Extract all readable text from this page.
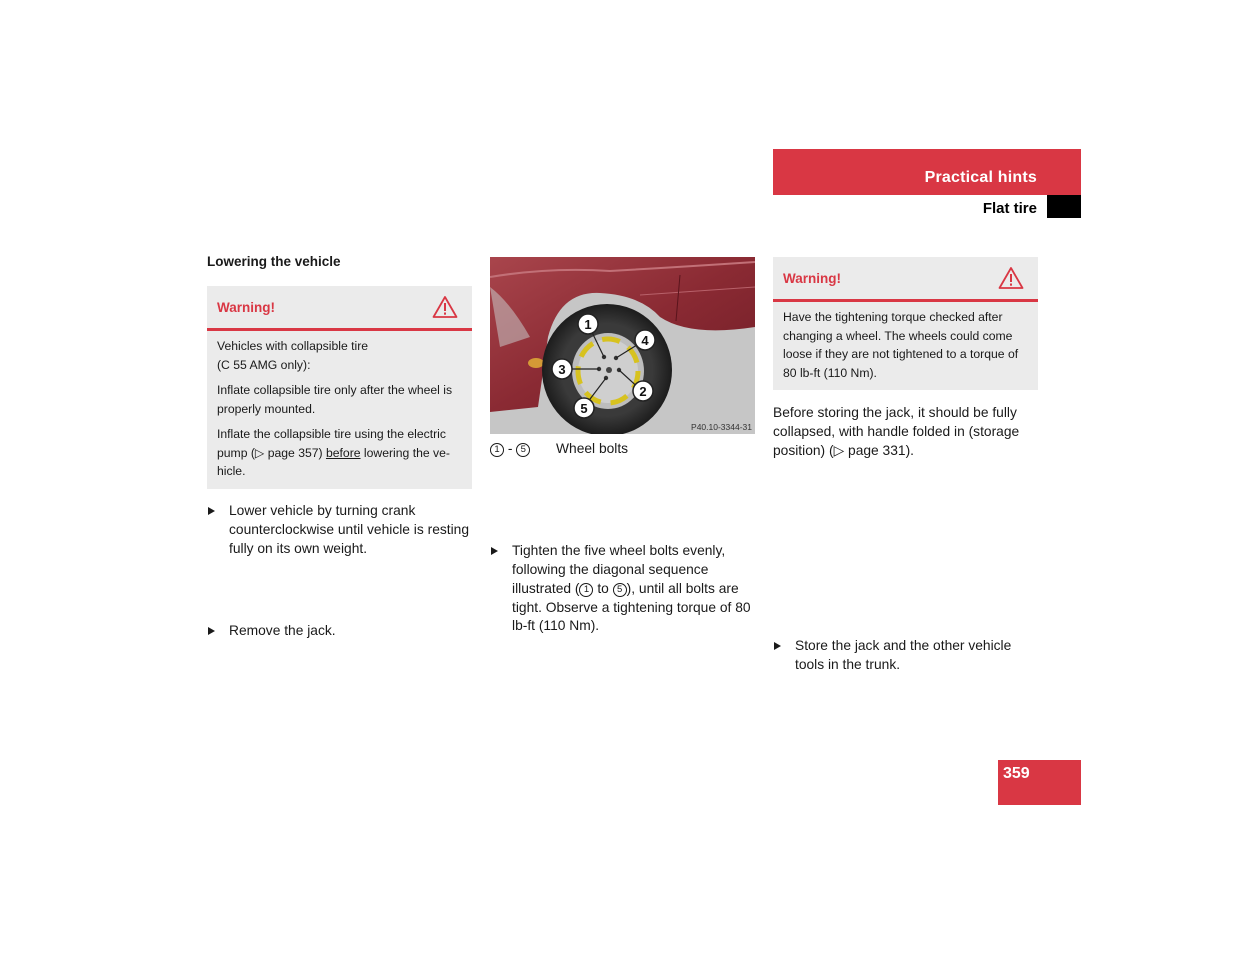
Practical hints
Flat tire
Lowering the vehicle
Warning!

Vehicles with collapsible tire
(C 55 AMG only):

Inflate collapsible tire only after the wheel is properly mounted.

Inflate the collapsible tire using the electric pump (▷ page 357) before lowering the ve-hicle.

Lower vehicle by turning crank counterclockwise until vehicle is resting fully on its own weight.
Remove the jack.
1
4
3
2
5
P40.10-3344-31
1 - 5 Wheel bolts
Tighten the five wheel bolts evenly, following the diagonal sequence illustrated ( 1 to 5 ), until all bolts are tight. Observe a tightening torque of 80 lb-ft (110 Nm).
Warning!

Have the tightening torque checked after changing a wheel. The wheels could come loose if they are not tightened to a torque of 80 lb-ft (110 Nm).

Before storing the jack, it should be fully collapsed, with handle folded in (storage position) (▷ page 331).
Store the jack and the other vehicle tools in the trunk.
359
